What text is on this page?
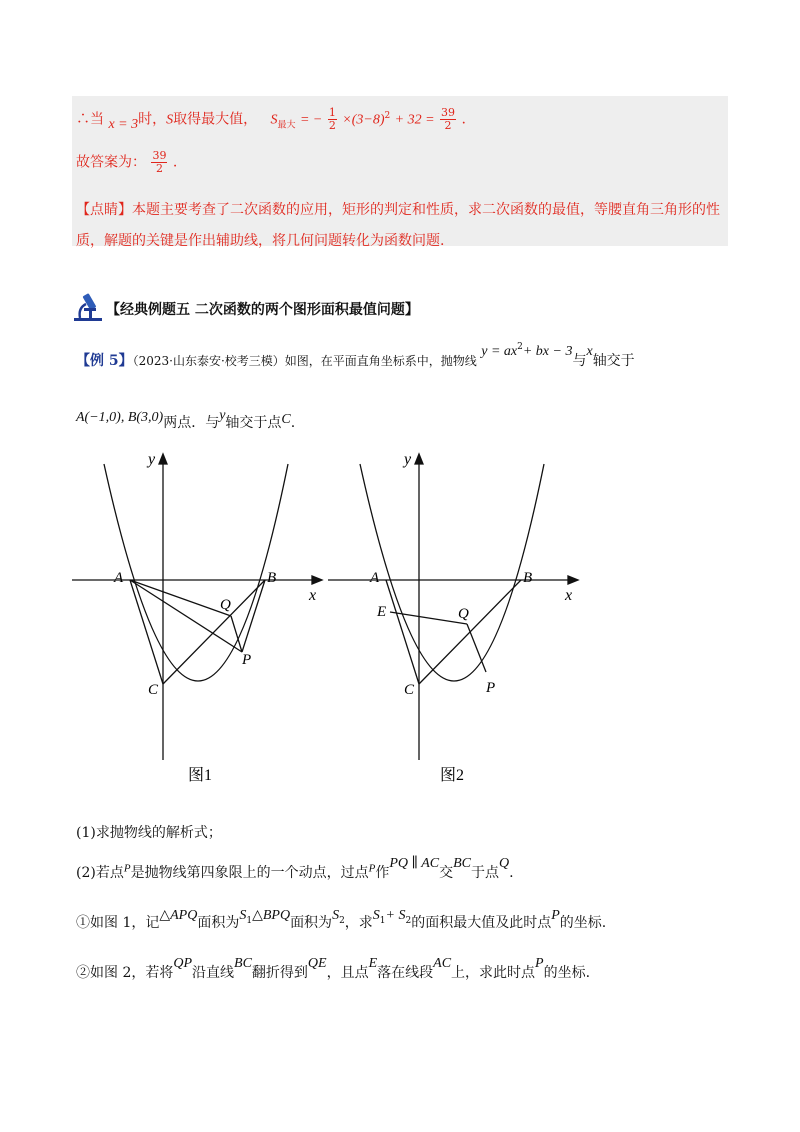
∴当 x = 3时，S取得最大值， $S_{最大}$ = − $\frac{1}{2} \times(3-8)^2 + 32 = \frac{39}{2}$ .
故答案为： $\frac{39}{2}$ .
【点睛】本题主要考查了二次函数的应用，矩形的判定和性质，求二次函数的最值，等腰直角三角形的性
质，解题的关键是作出辅助线，将几何问题转化为函数问题.
【经典例题五 二次函数的两个图形面积最值问题】
【例 5】（2023·山东泰安·校考三模）如图，在平面直角坐标系中，抛物线 $y = ax^2+$ bx − 3与x轴交于
A(−1,0), B(3,0)两点．与y轴交于点C.
y
x
A	B
C
Q
P
图1
y
x
A	B
C
Q
P
E
图2
(1)求抛物线的解析式；
(2)若点$^P$是抛物线第四象限上的一个动点，过点$^P$作PQ ∥ AC交BC于点Q.
①如图 1，记△APQ面积为$S_1\triangle BPQ$面积为$S_2$，求$S_1+ S_2$的面积最大值及此时点P的坐标.
②如图 2，若将QP沿直线BC翻折得到QE，且点E落在线段AC上，求此时点P的坐标.
